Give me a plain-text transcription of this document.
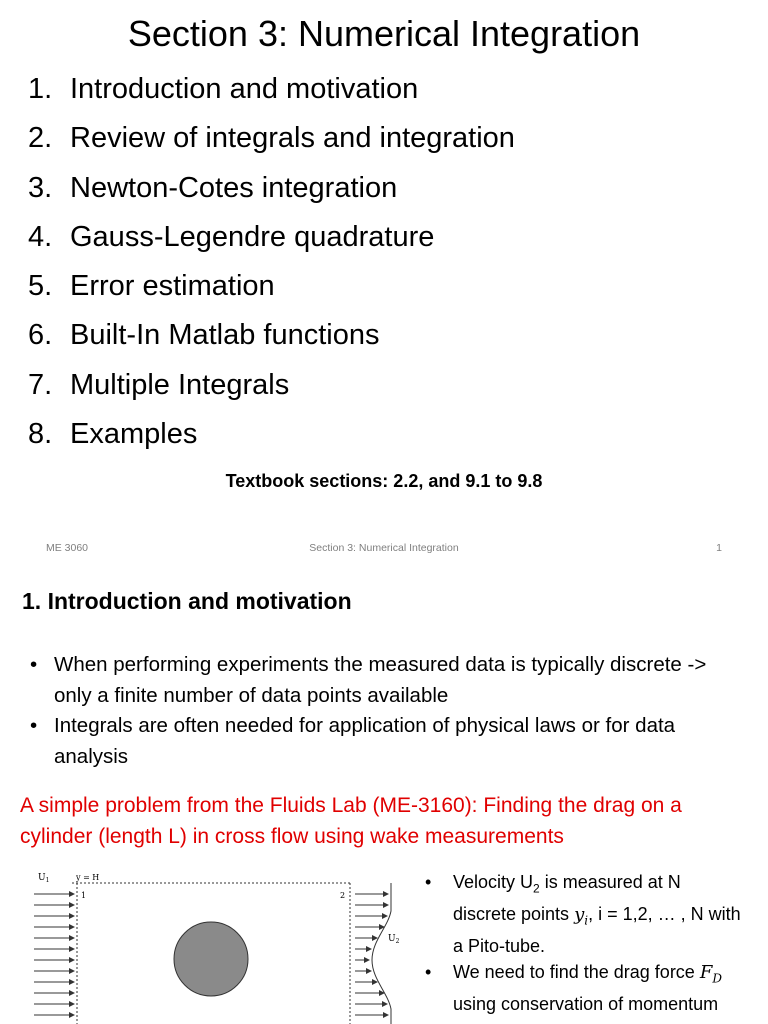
Section 3: Numerical Integration
1. Introduction and motivation
2. Review of integrals and integration
3. Newton-Cotes integration
4. Gauss-Legendre quadrature
5. Error estimation
6. Built-In Matlab functions
7. Multiple Integrals
8. Examples
Textbook sections: 2.2, and 9.1 to 9.8
ME 3060	Section 3: Numerical Integration	1
1. Introduction and motivation
• When performing experiments the measured data is typically discrete -> only a finite number of data points available
• Integrals are often needed for application of physical laws or for data analysis
A simple problem from the Fluids Lab (ME-3160): Finding the drag on a cylinder (length L) in cross flow using wake measurements
$U_1$	y = H
1	2
$U_2$
• Velocity $U_2$ is measured at N discrete points $y_i$, i = 1,2, … , N with a Pito-tube.
• We need to find the drag force $F_D$ using conservation of momentum
